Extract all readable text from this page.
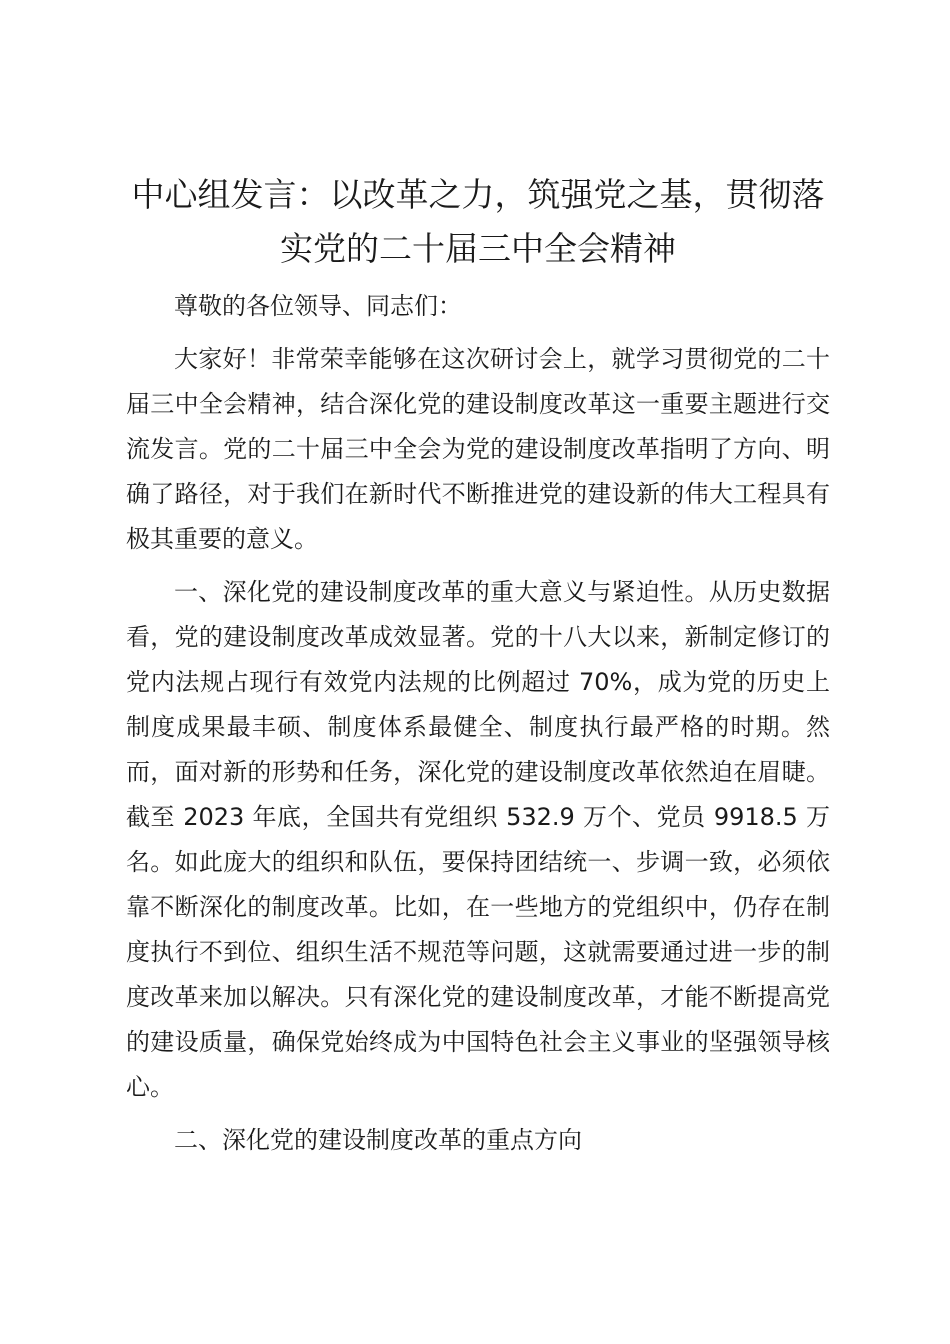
中心组发言：以改革之力，筑强党之基，贯彻落实党的二十届三中全会精神

尊敬的各位领导、同志们：

大家好！非常荣幸能够在这次研讨会上，就学习贯彻党的二十届三中全会精神，结合深化党的建设制度改革这一重要主题进行交流发言。党的二十届三中全会为党的建设制度改革指明了方向、明确了路径，对于我们在新时代不断推进党的建设新的伟大工程具有极其重要的意义。

一、深化党的建设制度改革的重大意义与紧迫性。从历史数据看，党的建设制度改革成效显著。党的十八大以来，新制定修订的党内法规占现行有效党内法规的比例超过 70%，成为党的历史上制度成果最丰硕、制度体系最健全、制度执行最严格的时期。然而，面对新的形势和任务，深化党的建设制度改革依然迫在眉睫。截至 2023 年底，全国共有党组织 532.9 万个、党员 9918.5 万名。如此庞大的组织和队伍，要保持团结统一、步调一致，必须依靠不断深化的制度改革。比如，在一些地方的党组织中，仍存在制度执行不到位、组织生活不规范等问题，这就需要通过进一步的制度改革来加以解决。只有深化党的建设制度改革，才能不断提高党的建设质量，确保党始终成为中国特色社会主义事业的坚强领导核心。

二、深化党的建设制度改革的重点方向
